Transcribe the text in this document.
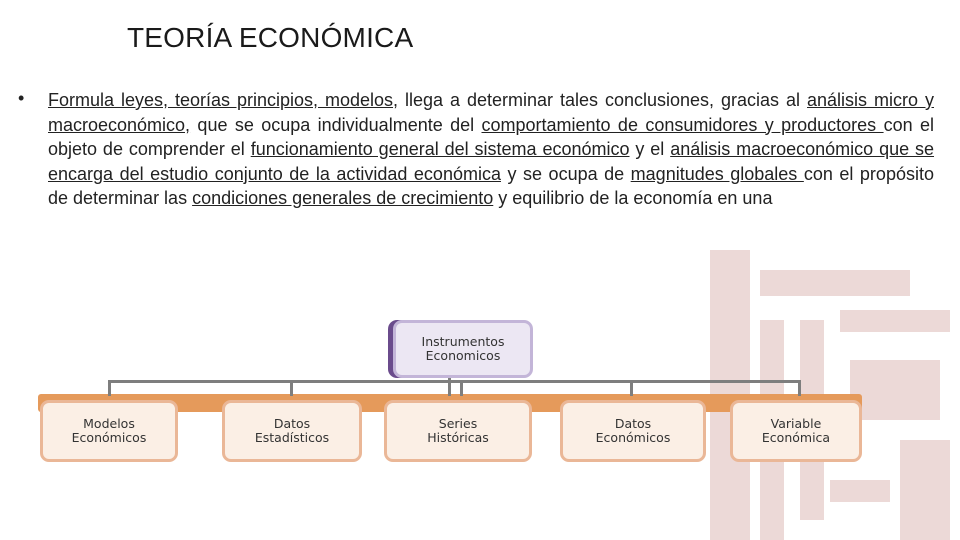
TEORÍA ECONÓMICA
• Formula leyes, teorías principios, modelos, llega a determinar tales conclusiones, gracias al análisis micro y macroeconómico, que se ocupa individualmente del comportamiento de consumidores y productores con el objeto de comprender el funcionamiento general del sistema económico y el análisis macroeconómico que se encarga del estudio conjunto de la actividad económica y se ocupa de magnitudes globales con el propósito de determinar las condiciones generales de crecimiento y equilibrio de la economía en una

Instrumentos
Economicos
Modelos
Económicos
Datos
Estadísticos
Series
Históricas
Datos
Económicos
Variable
Económica
